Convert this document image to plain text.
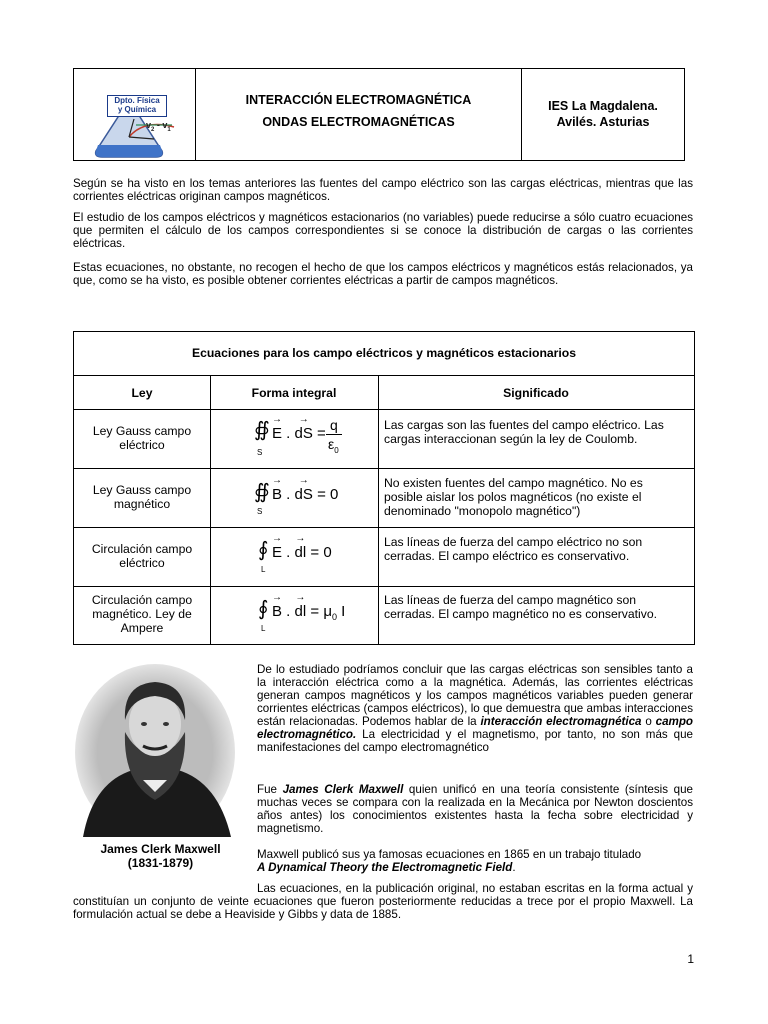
Dpto. Física
y Química
$v_2 - v_1$
INTERACCIÓN ELECTROMAGNÉTICA
ONDAS ELECTROMAGNÉTICAS
IES La Magdalena.
Avilés. Asturias

Según se ha visto en los temas anteriores las fuentes del campo eléctrico son las cargas eléctricas, mientras que las corrientes eléctricas originan campos magnéticos.

El estudio de los campos eléctricos y magnéticos estacionarios (no variables) puede reducirse a sólo cuatro ecuaciones que permiten el cálculo de los campos correspondientes si se conoce la distribución de cargas o las corrientes eléctricas.

Estas ecuaciones, no obstante, no recogen el hecho de que los campos eléctricos y magnéticos estás relacionados, ya que, como se ha visto, es posible obtener corrientes eléctricas a partir de campos magnéticos.

Ecuaciones para los campo eléctricos y magnéticos estacionarios
Ley	Forma integral	Significado
Ley Gauss campo
eléctrico
∯
S
→ E . → dS = q
$\varepsilon_0$
Las cargas son las fuentes del campo eléctrico. Las cargas interaccionan según la ley de Coulomb.
Ley Gauss campo
magnético
∯
S
→ B . → dS = 0
No existen fuentes del campo magnético. No es posible aislar los polos magnéticos (no existe el denominado "monopolo magnético")
Circulación campo
eléctrico
∮
L
→ E . → dl = 0
Las líneas de fuerza del campo eléctrico no son cerradas. El campo eléctrico es conservativo.
Circulación campo
magnético. Ley de
Ampere
∮
L
→ B . → dl = $\mu_0$ I
Las líneas de fuerza del campo magnético son cerradas. El campo magnético no es conservativo.
James Clerk Maxwell
(1831-1879)

De lo estudiado podríamos concluir que las cargas eléctricas son sensibles tanto a la interacción eléctrica como a la magnética. Además, las corrientes eléctricas generan campos magnéticos y los campos magnéticos variables pueden generar corrientes eléctricas (campos eléctricos), lo que demuestra que ambas interacciones están relacionadas. Podemos hablar de la interacción electromagnética o campo electromagnético. La electricidad y el magnetismo, por tanto, no son más que manifestaciones del campo electromagnético

Fue James Clerk Maxwell quien unificó en una teoría consistente (síntesis que muchas veces se compara con la realizada en la Mecánica por Newton doscientos años antes) los conocimientos existentes hasta la fecha sobre electricidad y magnetismo.

Maxwell publicó sus ya famosas ecuaciones en 1865 en un trabajo titulado
A Dynamical Theory the Electromagnetic Field.

Las ecuaciones, en la publicación original, no estaban escritas en la forma actual y constituían un conjunto de veinte ecuaciones que fueron posteriormente reducidas a trece por el propio Maxwell. La formulación actual se debe a Heaviside y Gibbs y data de 1885.

1
